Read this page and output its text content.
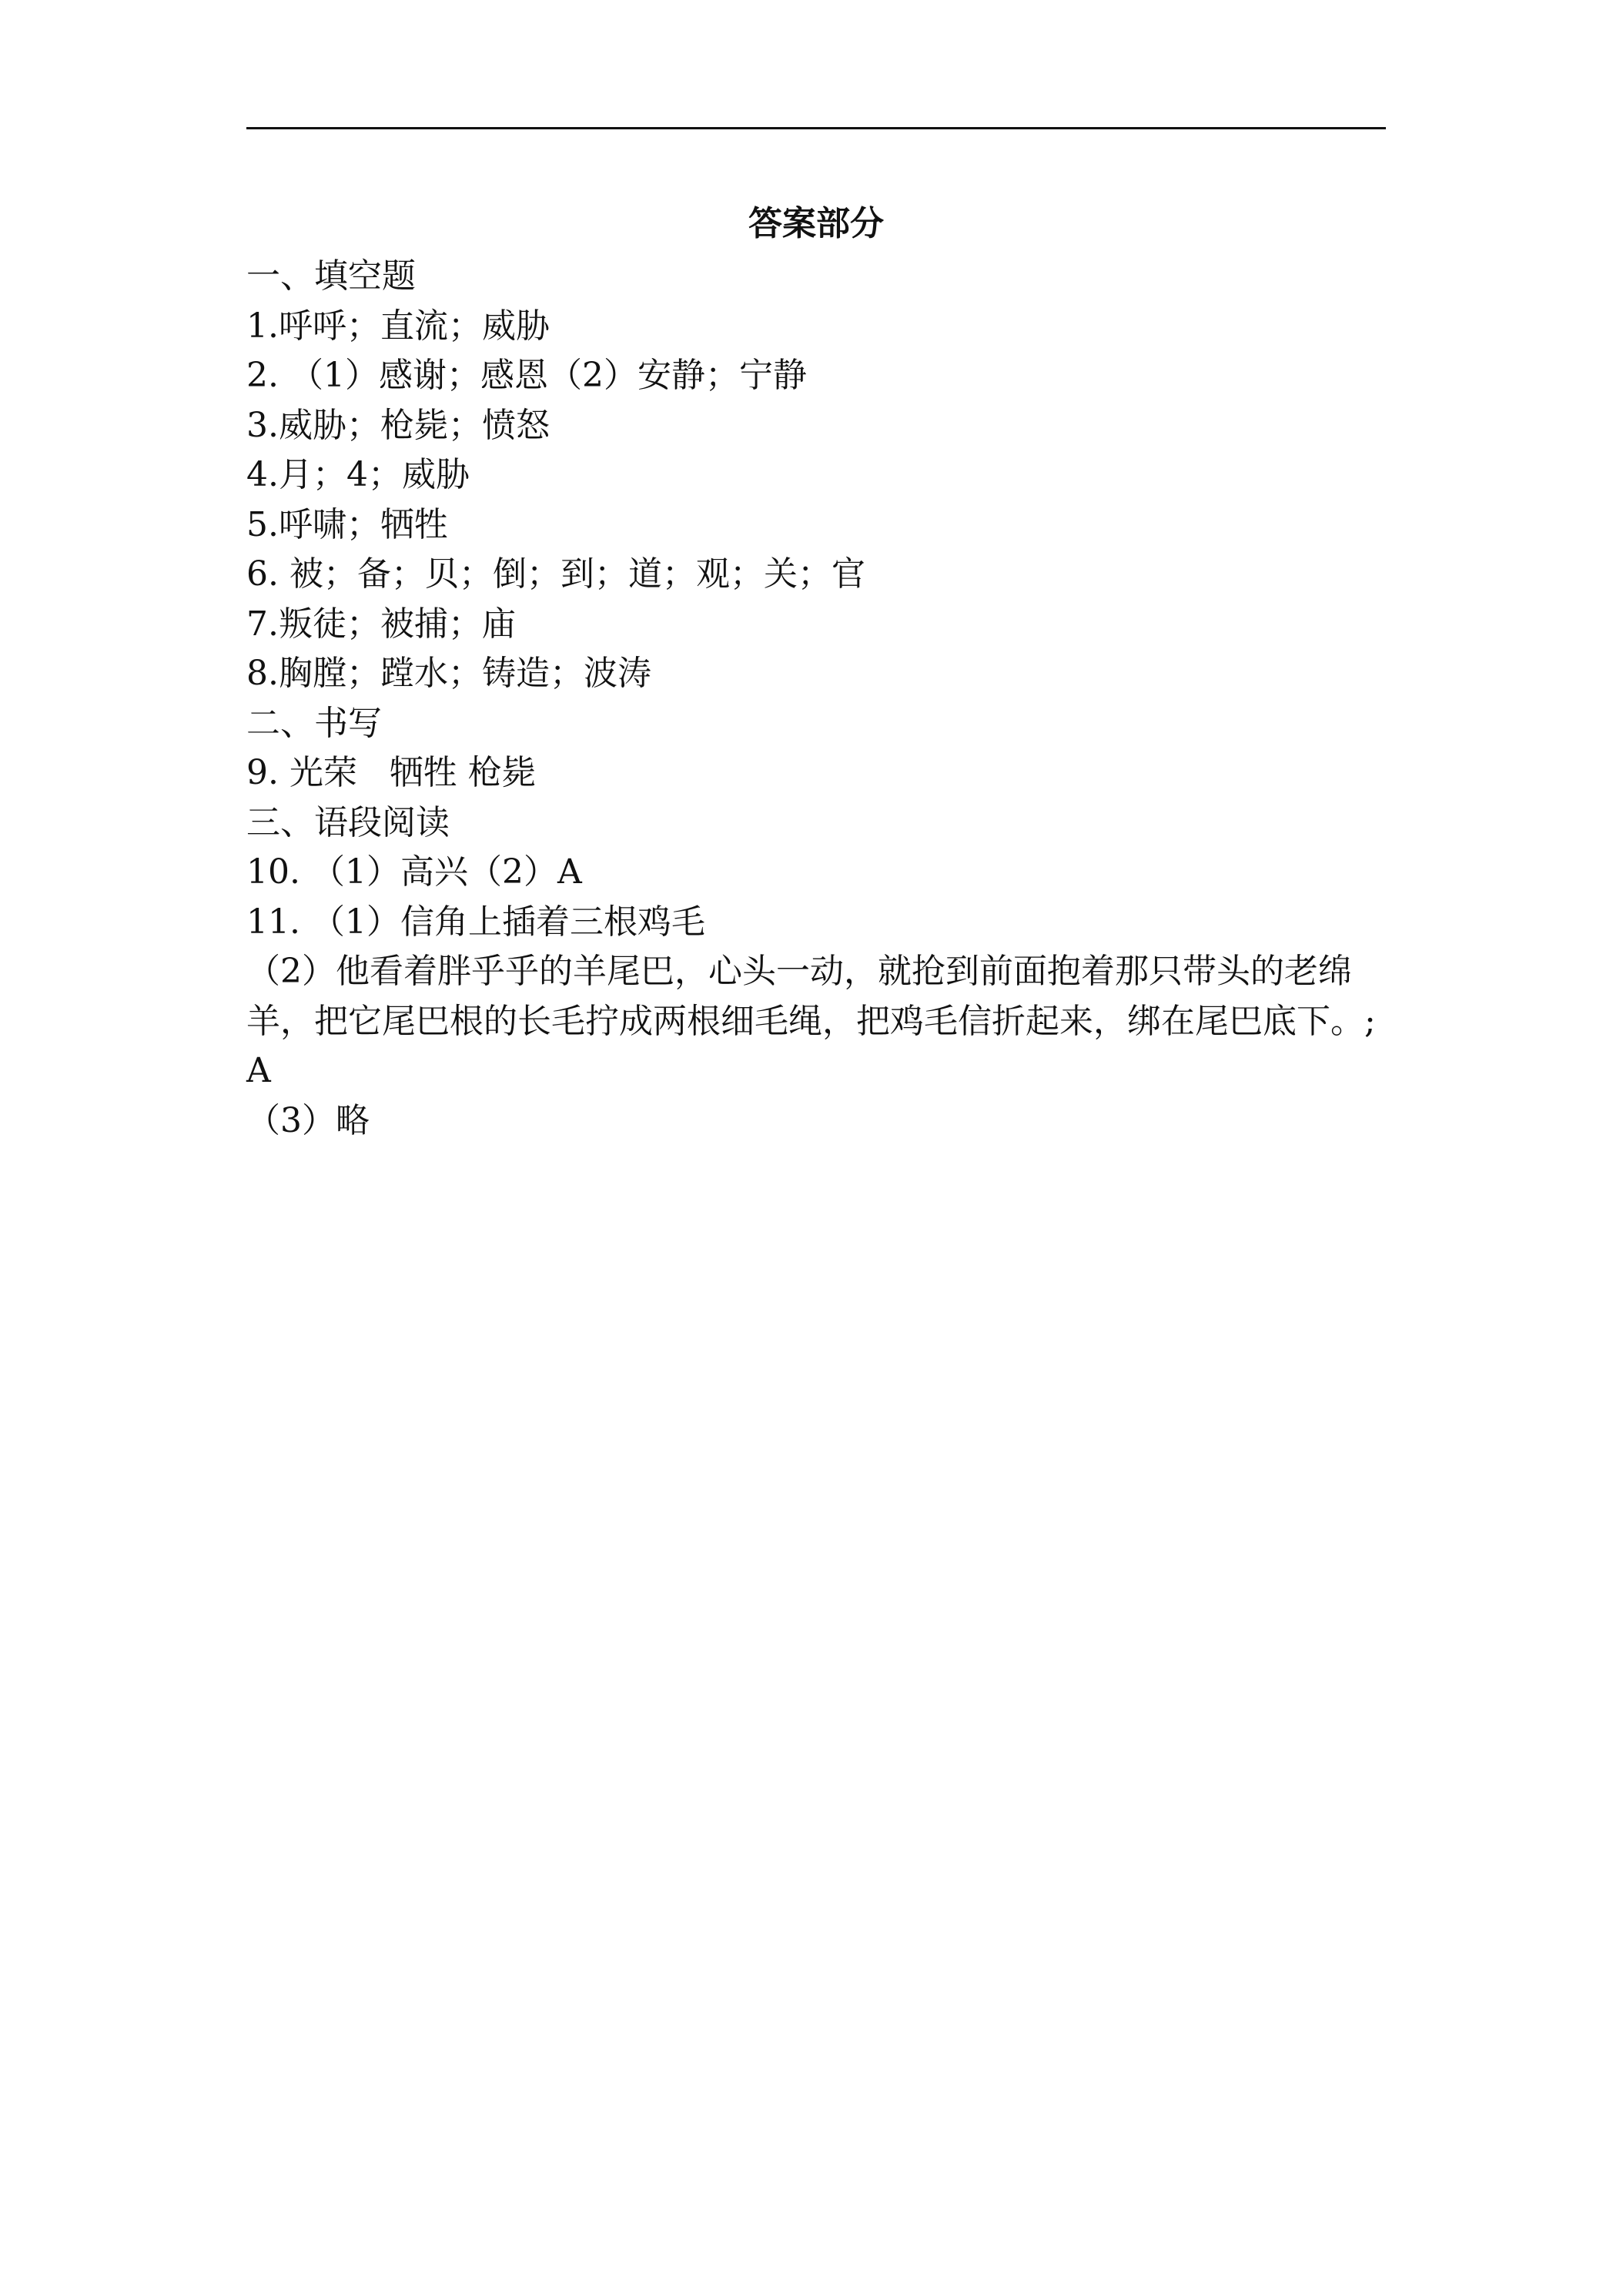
答案部分
一、填空题
1.呼呼；直流；威胁
2. （1）感谢；感恩（2）安静；宁静
3.威胁；枪毙；愤怒
4.月；4；威胁
5.呼啸；牺牲
6. 被；备；贝；倒；到；道；观；关；官
7.叛徒；被捕；庙
8.胸膛；蹚水；铸造；波涛
二、书写
9. 光荣   牺牲 枪毙
三、语段阅读
10. （1）高兴（2）A
11. （1）信角上插着三根鸡毛
（2）他看着胖乎乎的羊尾巴，心头一动，就抢到前面抱着那只带头的老绵羊，把它尾巴根的长毛拧成两根细毛绳，把鸡毛信折起来，绑在尾巴底下。;A
（3）略
